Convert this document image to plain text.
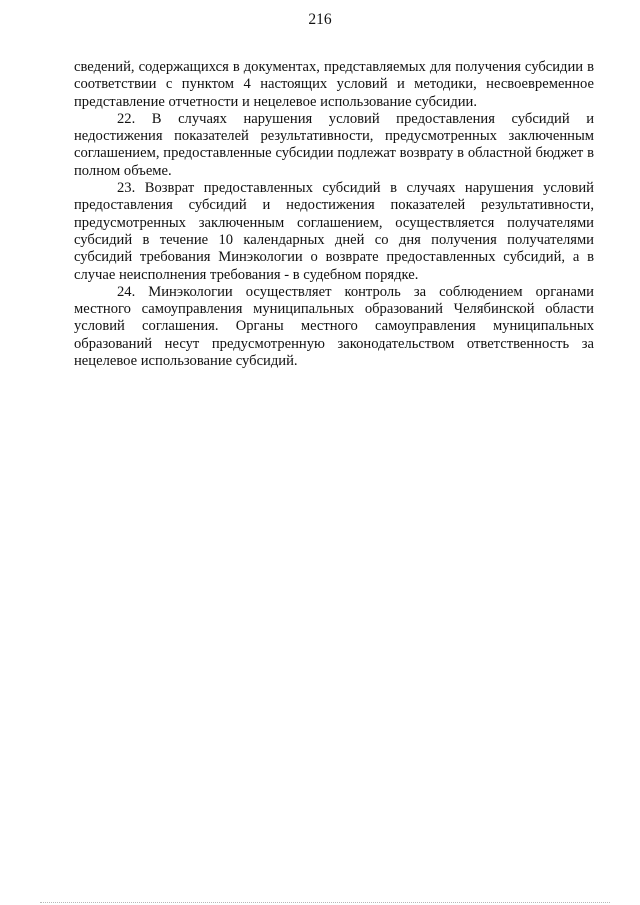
216

сведений, содержащихся в документах, представляемых для получения субсидии в соответствии с пунктом 4 настоящих условий и методики, несвоевременное представление отчетности и нецелевое использование субсидии.

22. В случаях нарушения условий предоставления субсидий и недостижения показателей результативности, предусмотренных заключенным соглашением, предоставленные субсидии подлежат возврату в областной бюджет в полном объеме.

23. Возврат предоставленных субсидий в случаях нарушения условий предоставления субсидий и недостижения показателей результативности, предусмотренных заключенным соглашением, осуществляется получателями субсидий в течение 10 календарных дней со дня получения получателями субсидий требования Минэкологии о возврате предоставленных субсидий, а в случае неисполнения требования - в судебном порядке.

24. Минэкологии осуществляет контроль за соблюдением органами местного самоуправления муниципальных образований Челябинской области условий соглашения. Органы местного самоуправления муниципальных образований несут предусмотренную законодательством ответственность за нецелевое использование субсидий.
